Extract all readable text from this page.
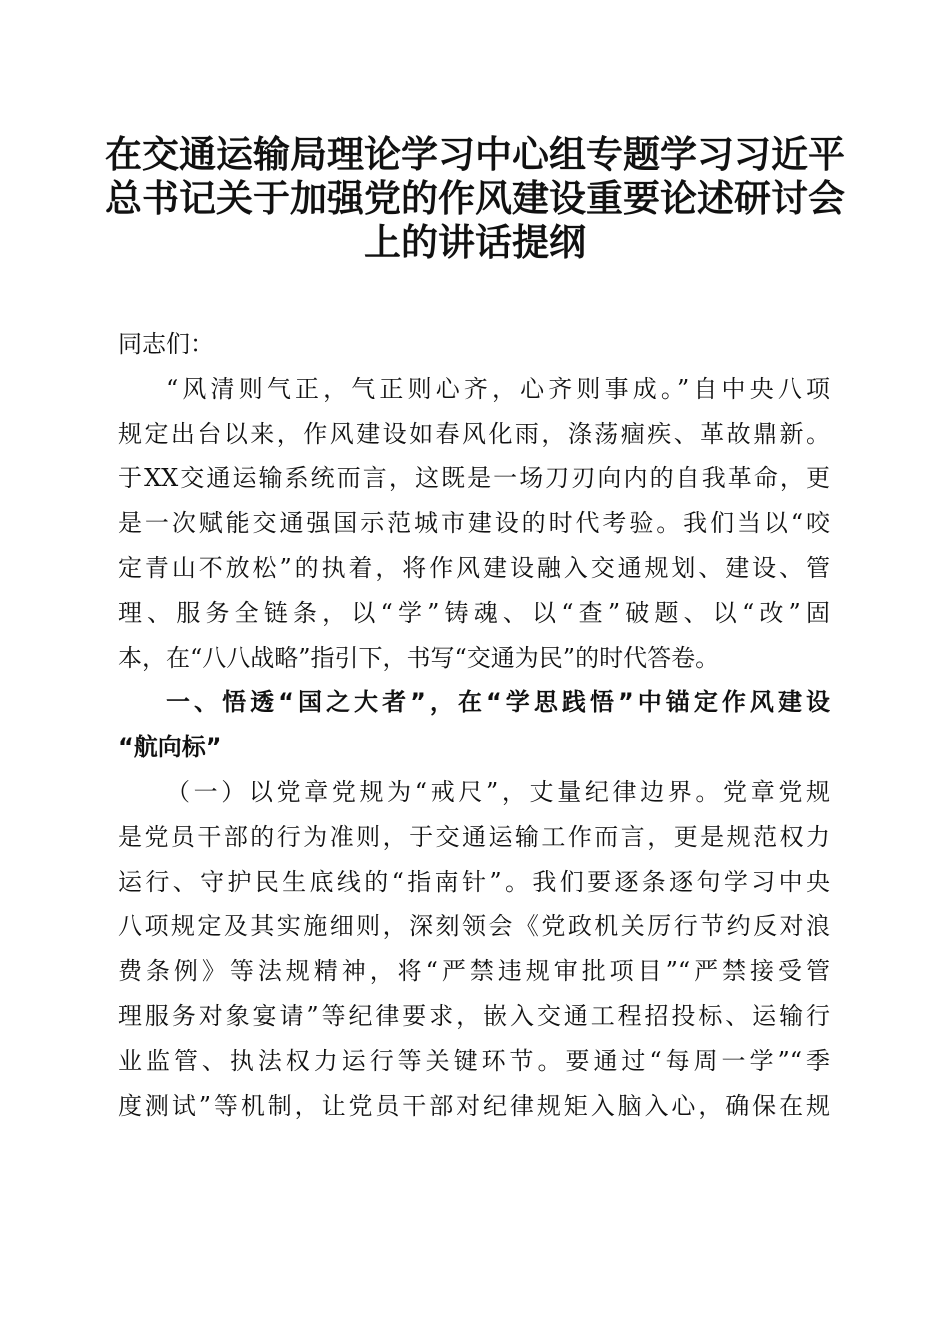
在交通运输局理论学习中心组专题学习习近平
总书记关于加强党的作风建设重要论述研讨会
上的讲话提纲
同志们：
“风清则气正，气正则心齐，心齐则事成。”自中央八项
规定出台以来，作风建设如春风化雨，涤荡痼疾、革故鼎新。
于XX交通运输系统而言，这既是一场刀刃向内的自我革命，更
是一次赋能交通强国示范城市建设的时代考验。我们当以“咬
定青山不放松”的执着，将作风建设融入交通规划、建设、管
理、服务全链条，以“学”铸魂、以“查”破题、以“改”固
本，在“八八战略”指引下，书写“交通为民”的时代答卷。
一、悟透“国之大者”，在“学思践悟”中锚定作风建设
“航向标”
（一）以党章党规为“戒尺”，丈量纪律边界。党章党规
是党员干部的行为准则，于交通运输工作而言，更是规范权力
运行、守护民生底线的“指南针”。我们要逐条逐句学习中央
八项规定及其实施细则，深刻领会《党政机关厉行节约反对浪
费条例》等法规精神，将“严禁违规审批项目”“严禁接受管
理服务对象宴请”等纪律要求，嵌入交通工程招投标、运输行
业监管、执法权力运行等关键环节。要通过“每周一学”“季
度测试”等机制，让党员干部对纪律规矩入脑入心，确保在规
